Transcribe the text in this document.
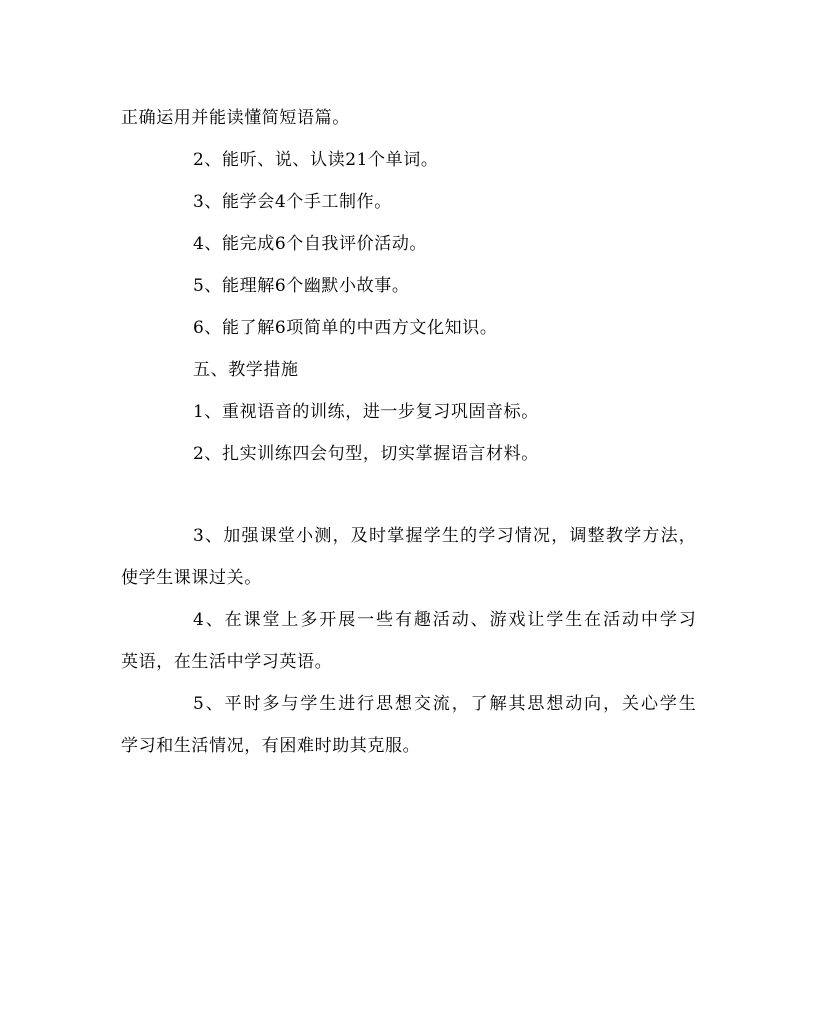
正确运用并能读懂简短语篇。
2、能听、说、认读21个单词。
3、能学会4个手工制作。
4、能完成6个自我评价活动。
5、能理解6个幽默小故事。
6、能了解6项简单的中西方文化知识。
五、教学措施
1、重视语音的训练，进一步复习巩固音标。
2、扎实训练四会句型，切实掌握语言材料。
3、加强课堂小测，及时掌握学生的学习情况，调整教学方法，
使学生课课过关。
4、在课堂上多开展一些有趣活动、游戏让学生在活动中学习
英语，在生活中学习英语。
5、平时多与学生进行思想交流，了解其思想动向，关心学生
学习和生活情况，有困难时助其克服。
